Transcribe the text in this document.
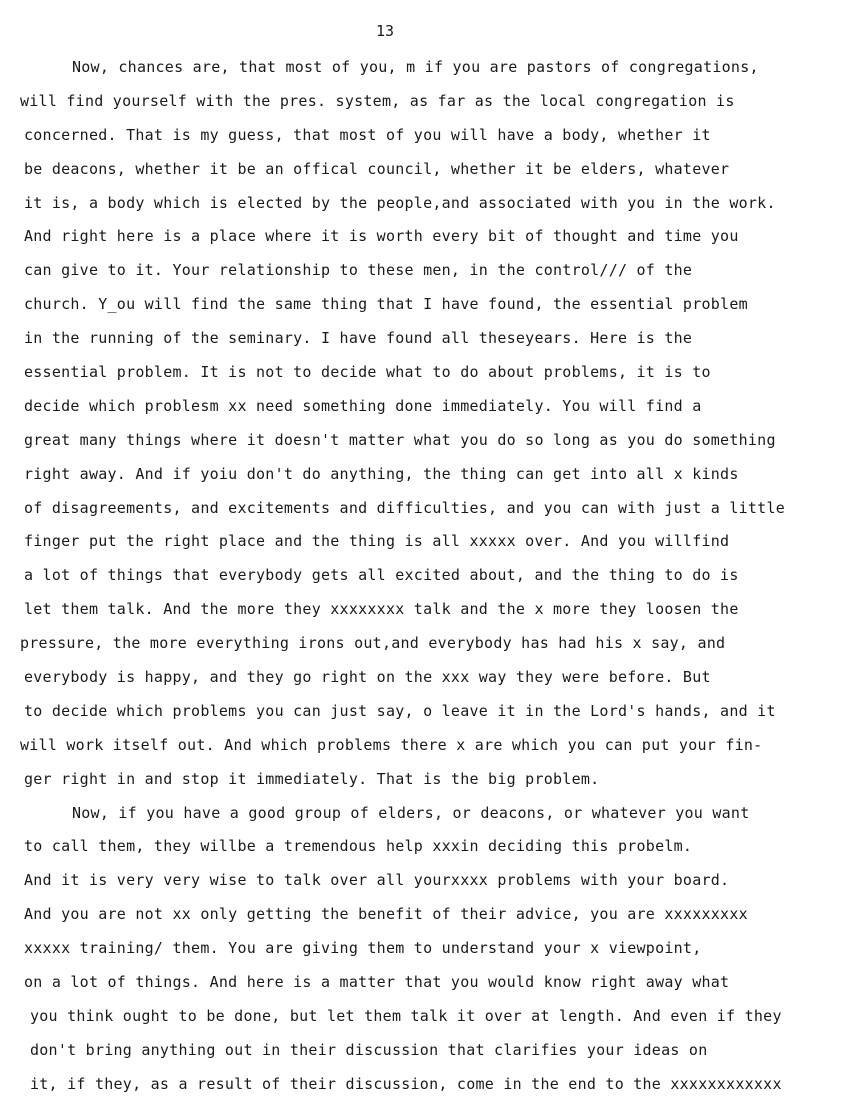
13
Now, chances are, that most of you, m if you are pastors of congregations,
will find yourself with the pres. system, as far as the local congregation is
concerned. That is my guess, that most of you will have a body, whether it
be deacons, whether it be an offical council, whether it be elders, whatever
it is, a body which is elected by the people,and associated with you in the work.
And right here is a place where it is worth every bit of thought and time you
can give to it. Your relationship to these men, in the control/// of the
church. Y_ou will find the same thing that I have found, the essential problem
in the running of the seminary. I have found all theseyears. Here is the
essential problem. It is not to decide what to do about problems, it is to
decide which problesm xx need something done immediately. You will find a
great many things where it doesn't matter what you do so long as you do something
right away. And if yoiu don't do anything, the thing can get into all x kinds
of disagreements, and excitements and difficulties, and you can with just a little
finger put the right place and the thing is all xxxxx over. And you willfind
a lot of things that everybody gets all excited about, and the thing to do is
let them talk. And the more they xxxxxxxx talk and the x more they loosen the
pressure, the more everything irons out,and everybody has had his x say, and
everybody is happy, and they go right on the xxx way they were before. But
to decide which problems you can just say, o leave it in the Lord's hands, and it
will work itself out. And which problems there x are which you can put your fin-
ger right in and stop it immediately. That is the big problem.
Now, if you have a good group of elders, or deacons, or whatever you want
to call them, they willbe a tremendous help xxxin deciding this probelm.
And it is very very wise to talk over all yourxxxx problems with your board.
And you are not xx only getting the benefit of their advice, you are xxxxxxxxx
xxxxx training/ them. You are giving them to understand your x viewpoint,
on a lot of things. And here is a matter that you would know right away what
you think ought to be done, but let them talk it over at length. And even if they
don't bring anything out in their discussion that clarifies your ideas on
it, if they, as a result of their discussion, come in the end to the xxxxxxxxxxxx
